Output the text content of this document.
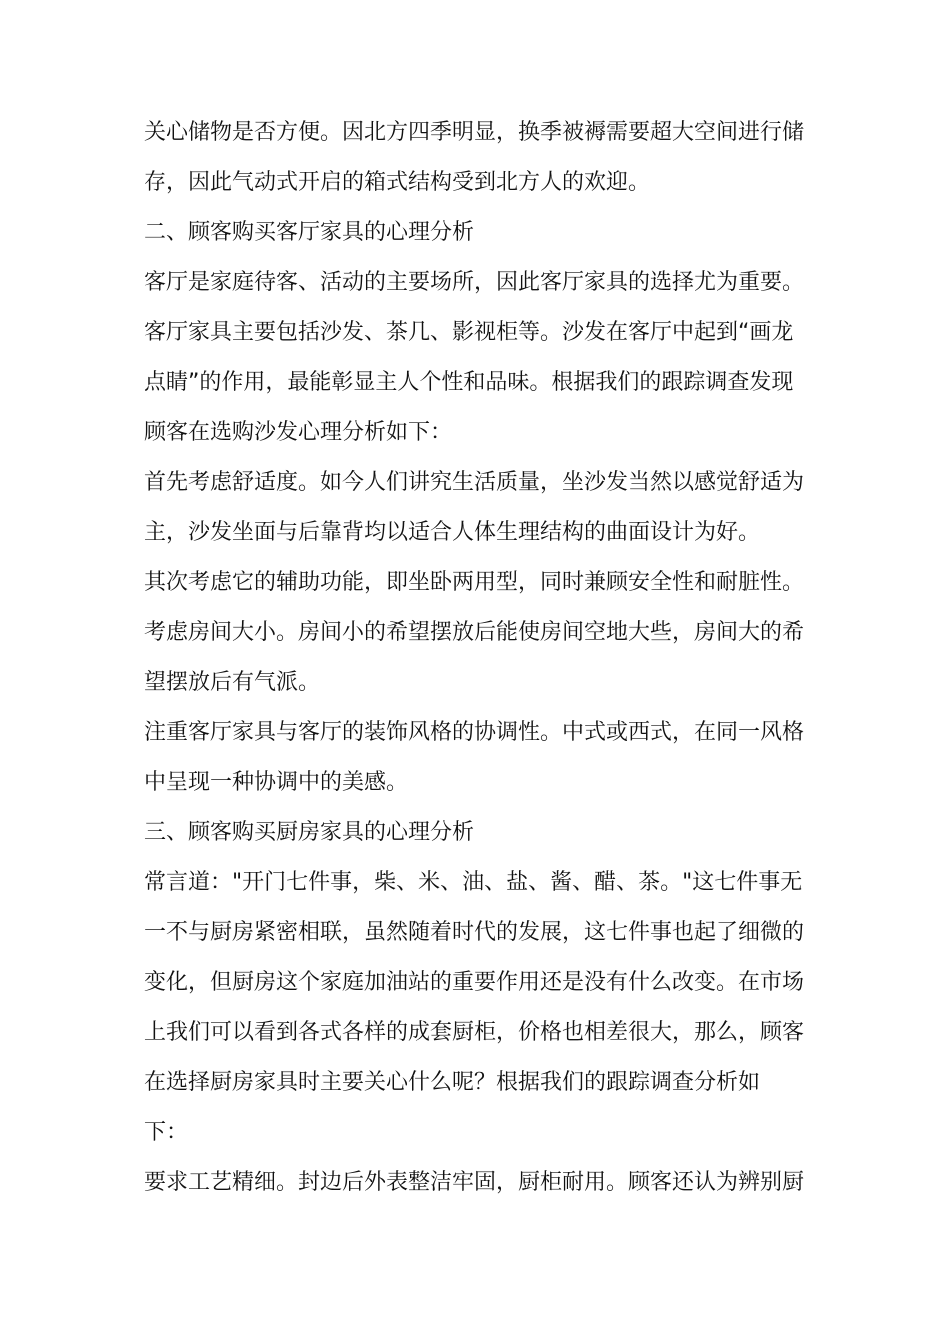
关心储物是否方便。因北方四季明显，换季被褥需要超大空间进行储
存，因此气动式开启的箱式结构受到北方人的欢迎。
二、顾客购买客厅家具的心理分析
客厅是家庭待客、活动的主要场所，因此客厅家具的选择尤为重要。
客厅家具主要包括沙发、茶几、影视柜等。沙发在客厅中起到“画龙
点睛”的作用，最能彰显主人个性和品味。根据我们的跟踪调查发现
顾客在选购沙发心理分析如下：
首先考虑舒适度。如今人们讲究生活质量，坐沙发当然以感觉舒适为
主，沙发坐面与后靠背均以适合人体生理结构的曲面设计为好。
其次考虑它的辅助功能，即坐卧两用型，同时兼顾安全性和耐脏性。
考虑房间大小。房间小的希望摆放后能使房间空地大些，房间大的希
望摆放后有气派。
注重客厅家具与客厅的装饰风格的协调性。中式或西式，在同一风格
中呈现一种协调中的美感。
三、顾客购买厨房家具的心理分析
常言道："开门七件事，柴、米、油、盐、酱、醋、茶。"这七件事无
一不与厨房紧密相联，虽然随着时代的发展，这七件事也起了细微的
变化，但厨房这个家庭加油站的重要作用还是没有什么改变。在市场
上我们可以看到各式各样的成套厨柜，价格也相差很大，那么，顾客
在选择厨房家具时主要关心什么呢？根据我们的跟踪调查分析如
下：
要求工艺精细。封边后外表整洁牢固，厨柜耐用。顾客还认为辨别厨
